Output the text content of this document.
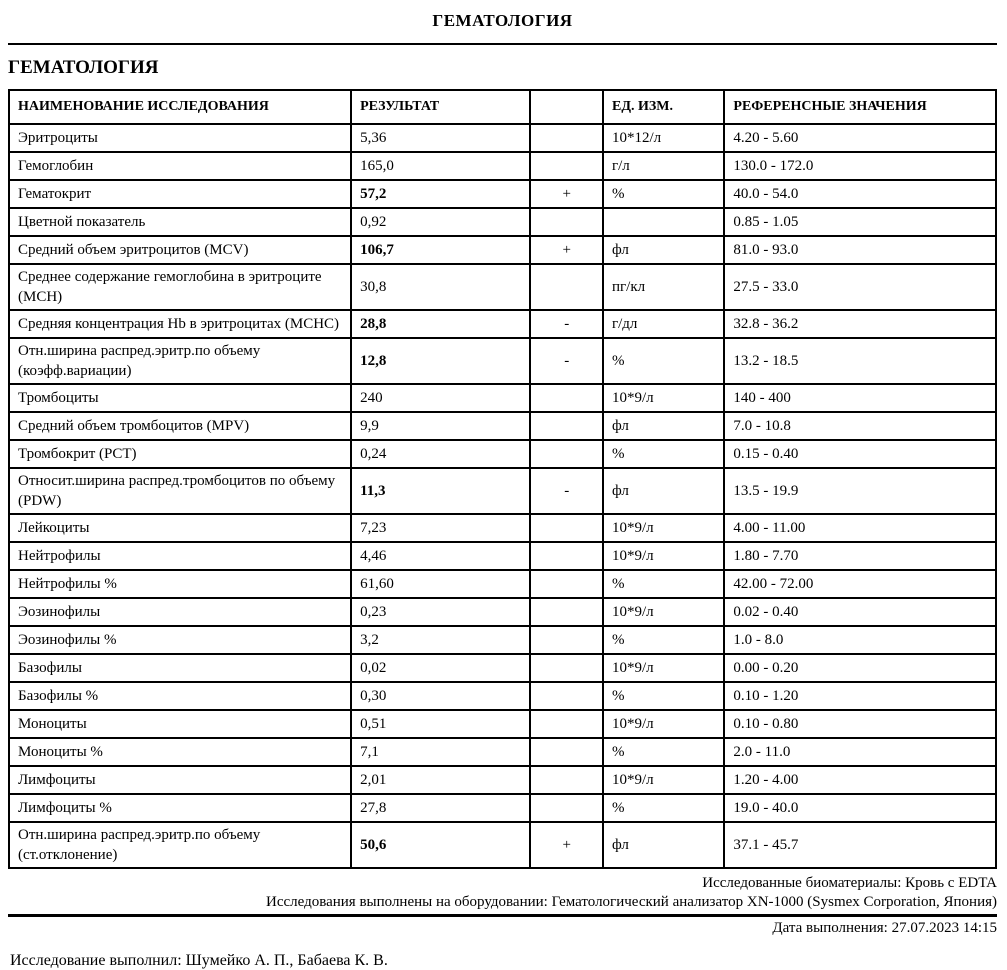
ГЕМАТОЛОГИЯ
ГЕМАТОЛОГИЯ
НАИМЕНОВАНИЕ ИССЛЕДОВАНИЯ	РЕЗУЛЬТАТ		ЕД. ИЗМ.	РЕФЕРЕНСНЫЕ ЗНАЧЕНИЯ
Эритроциты	5,36		10*12/л	4.20 - 5.60
Гемоглобин	165,0		г/л	130.0 - 172.0
Гематокрит	57,2	+	%	40.0 - 54.0
Цветной показатель	0,92			0.85 - 1.05
Средний объем эритроцитов (MCV)	106,7	+	фл	81.0 - 93.0
Среднее содержание гемоглобина в эритроците (MCH)	30,8		пг/кл	27.5 - 33.0
Средняя концентрация Hb в эритроцитах (MCHC)	28,8	-	г/дл	32.8 - 36.2
Отн.ширина распред.эритр.по объему (коэфф.вариации)	12,8	-	%	13.2 - 18.5
Тромбоциты	240		10*9/л	140 - 400
Средний объем тромбоцитов (MPV)	9,9		фл	7.0 - 10.8
Тромбокрит (PCT)	0,24		%	0.15 - 0.40
Относит.ширина распред.тромбоцитов по объему (PDW)	11,3	-	фл	13.5 - 19.9
Лейкоциты	7,23		10*9/л	4.00 - 11.00
Нейтрофилы	4,46		10*9/л	1.80 - 7.70
Нейтрофилы %	61,60		%	42.00 - 72.00
Эозинофилы	0,23		10*9/л	0.02 - 0.40
Эозинофилы %	3,2		%	1.0 - 8.0
Базофилы	0,02		10*9/л	0.00 - 0.20
Базофилы %	0,30		%	0.10 - 1.20
Моноциты	0,51		10*9/л	0.10 - 0.80
Моноциты %	7,1		%	2.0 - 11.0
Лимфоциты	2,01		10*9/л	1.20 - 4.00
Лимфоциты %	27,8		%	19.0 - 40.0
Отн.ширина распред.эритр.по объему (ст.отклонение)	50,6	+	фл	37.1 - 45.7
Исследованные биоматериалы: Кровь с EDTA
Исследования выполнены на оборудовании: Гематологический анализатор XN-1000 (Sysmex Corporation, Япония)
Дата выполнения: 27.07.2023 14:15
Исследование выполнил: Шумейко А. П., Бабаева К. В.
